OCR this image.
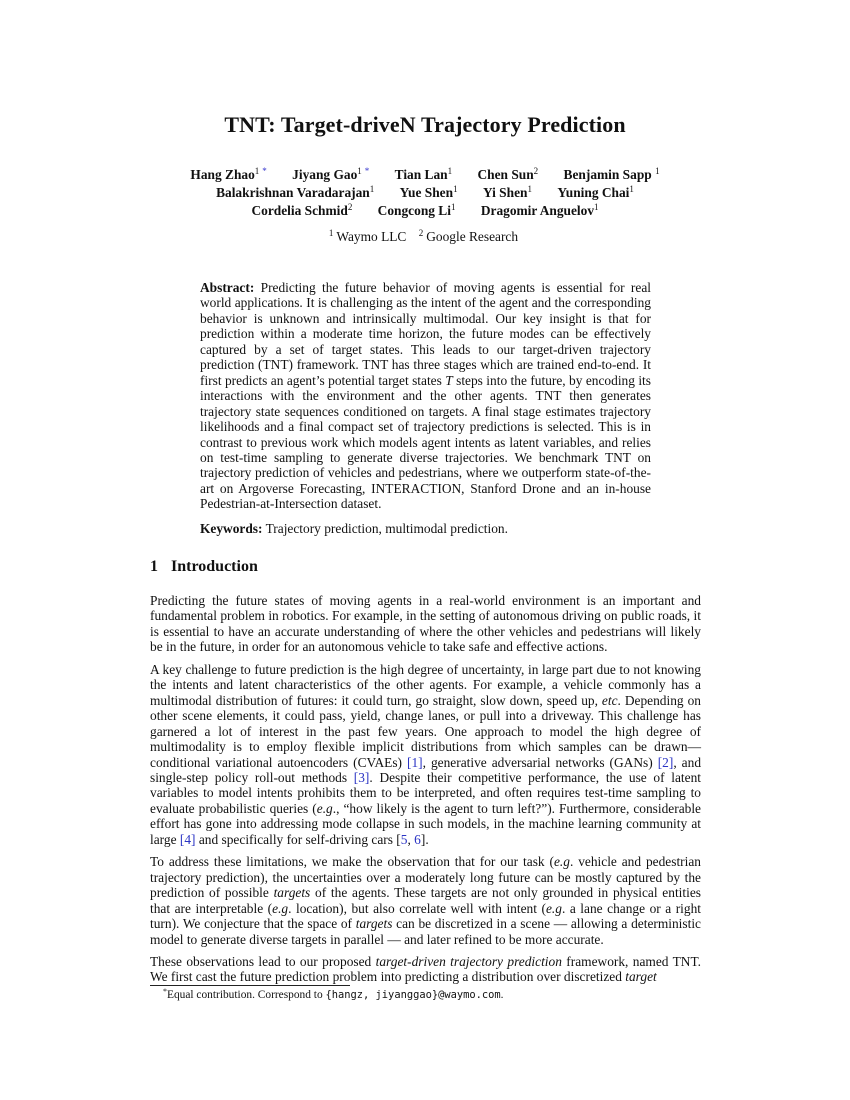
TNT: Target-driveN Trajectory Prediction
Hang Zhao$^1$ * Jiyang Gao$^1$ * Tian Lan$^1$ Chen Sun$^2$ Benjamin Sapp $^1$
Balakrishnan Varadarajan$^1$ Yue Shen$^1$ Yi Shen$^1$ Yuning Chai$^1$
Cordelia Schmid$^2$ Congcong Li$^1$ Dragomir Anguelov$^1$
$^1$ Waymo LLC $^2$ Google Research
Abstract: Predicting the future behavior of moving agents is essential for real world applications. It is challenging as the intent of the agent and the corresponding behavior is unknown and intrinsically multimodal. Our key insight is that for prediction within a moderate time horizon, the future modes can be effectively captured by a set of target states. This leads to our target-driven trajectory prediction (TNT) framework. TNT has three stages which are trained end-to-end. It first predicts an agent’s potential target states T steps into the future, by encoding its interactions with the environment and the other agents. TNT then generates trajectory state sequences conditioned on targets. A final stage estimates trajectory likelihoods and a final compact set of trajectory predictions is selected. This is in contrast to previous work which models agent intents as latent variables, and relies on test-time sampling to generate diverse trajectories. We benchmark TNT on trajectory prediction of vehicles and pedestrians, where we outperform state-of-the-art on Argoverse Forecasting, INTERACTION, Stanford Drone and an in-house Pedestrian-at-Intersection dataset.
Keywords: Trajectory prediction, multimodal prediction.
1 Introduction

Predicting the future states of moving agents in a real-world environment is an important and fundamental problem in robotics. For example, in the setting of autonomous driving on public roads, it is essential to have an accurate understanding of where the other vehicles and pedestrians will likely be in the future, in order for an autonomous vehicle to take safe and effective actions.

A key challenge to future prediction is the high degree of uncertainty, in large part due to not knowing the intents and latent characteristics of the other agents. For example, a vehicle commonly has a multimodal distribution of futures: it could turn, go straight, slow down, speed up, etc. Depending on other scene elements, it could pass, yield, change lanes, or pull into a driveway. This challenge has garnered a lot of interest in the past few years. One approach to model the high degree of multimodality is to employ flexible implicit distributions from which samples can be drawn—conditional variational autoencoders (CVAEs) [1], generative adversarial networks (GANs) [2], and single-step policy roll-out methods [3]. Despite their competitive performance, the use of latent variables to model intents prohibits them to be interpreted, and often requires test-time sampling to evaluate probabilistic queries (e.g., “how likely is the agent to turn left?”). Furthermore, considerable effort has gone into addressing mode collapse in such models, in the machine learning community at large [4] and specifically for self-driving cars [5, 6].

To address these limitations, we make the observation that for our task (e.g. vehicle and pedestrian trajectory prediction), the uncertainties over a moderately long future can be mostly captured by the prediction of possible targets of the agents. These targets are not only grounded in physical entities that are interpretable (e.g. location), but also correlate well with intent (e.g. a lane change or a right turn). We conjecture that the space of targets can be discretized in a scene — allowing a deterministic model to generate diverse targets in parallel — and later refined to be more accurate.

These observations lead to our proposed target-driven trajectory prediction framework, named TNT. We first cast the future prediction problem into predicting a distribution over discretized target

*Equal contribution. Correspond to {hangz, jiyanggao}@waymo.com.
